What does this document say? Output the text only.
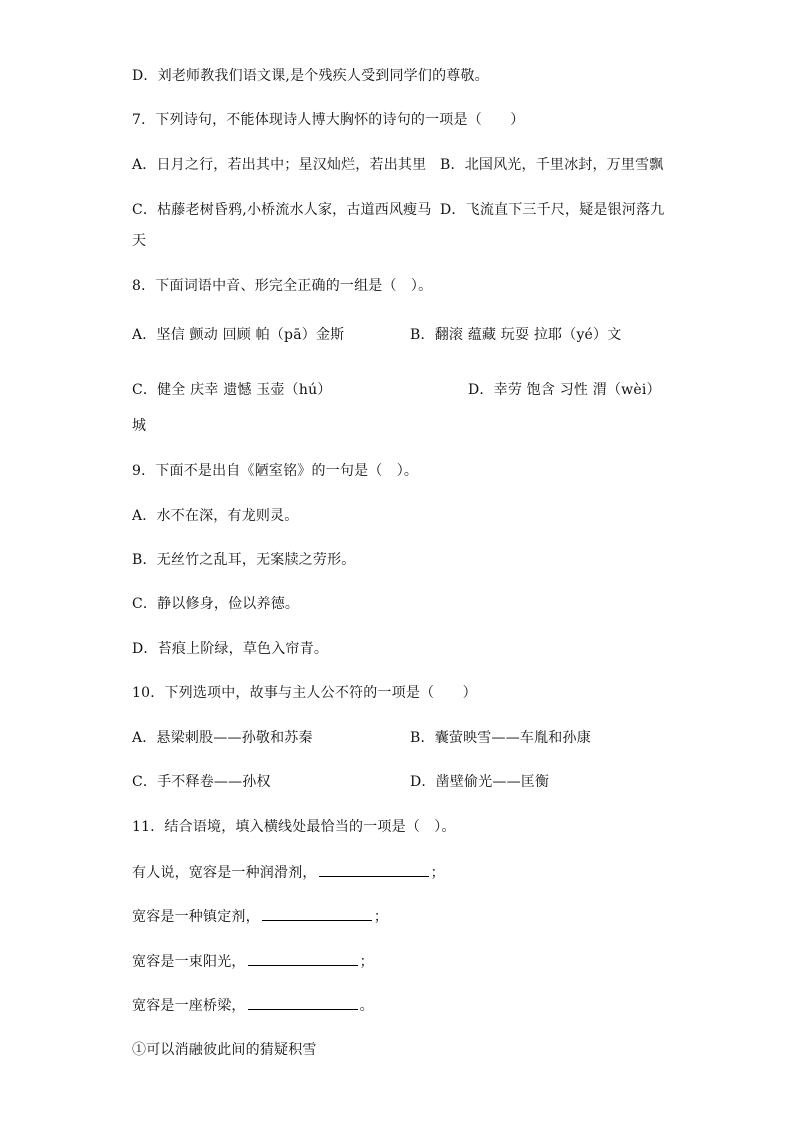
D．刘老师教我们语文课,是个残疾人受到同学们的尊敬。
7．下列诗句，不能体现诗人博大胸怀的诗句的一项是（　　）
A．日月之行，若出其中；星汉灿烂，若出其里 B．北国风光，千里冰封，万里雪飘
C．枯藤老树昏鸦,小桥流水人家，古道西风瘦马 D．飞流直下三千尺，疑是银河落九
天
8．下面词语中音、形完全正确的一组是（　）。
A．坚信 颤动 回顾 帕（pā）金斯	B．翻滚 蕴藏 玩耍 拉耶（yé）文
C．健全 庆幸 遗憾 玉壶（hú）	D．幸劳 饱含 习性 渭（wèi）
城
9．下面不是出自《陋室铭》的一句是（　）。
A．水不在深，有龙则灵。
B．无丝竹之乱耳，无案牍之劳形。
C．静以修身，俭以养德。
D．苔痕上阶绿，草色入帘青。
10．下列选项中，故事与主人公不符的一项是（　　）
A．悬梁刺股——孙敬和苏秦	B．囊萤映雪——车胤和孙康
C．手不释卷——孙权	D．凿壁偷光——匡衡
11．结合语境，填入横线处最恰当的一项是（　）。
有人说，宽容是一种润滑剂，	；
宽容是一种镇定剂，	；
宽容是一束阳光，	；
宽容是一座桥梁，	。
①可以消融彼此间的猜疑积雪
